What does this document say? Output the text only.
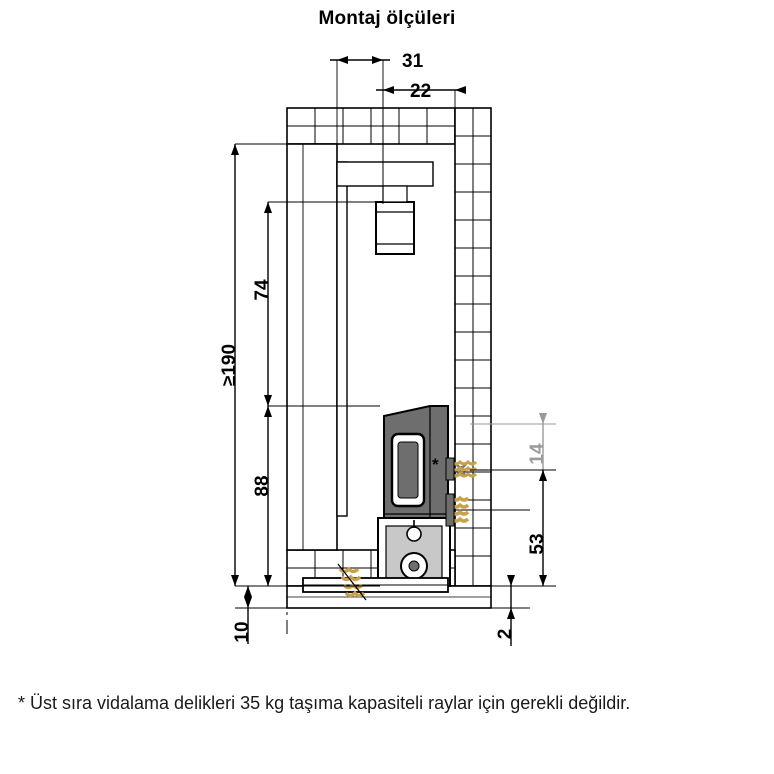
Montaj ölçüleri
31
22
≥190
74
88
10
14
53
2
*
* Üst sıra vidalama delikleri 35 kg taşıma kapasiteli raylar için gerekli değildir.
